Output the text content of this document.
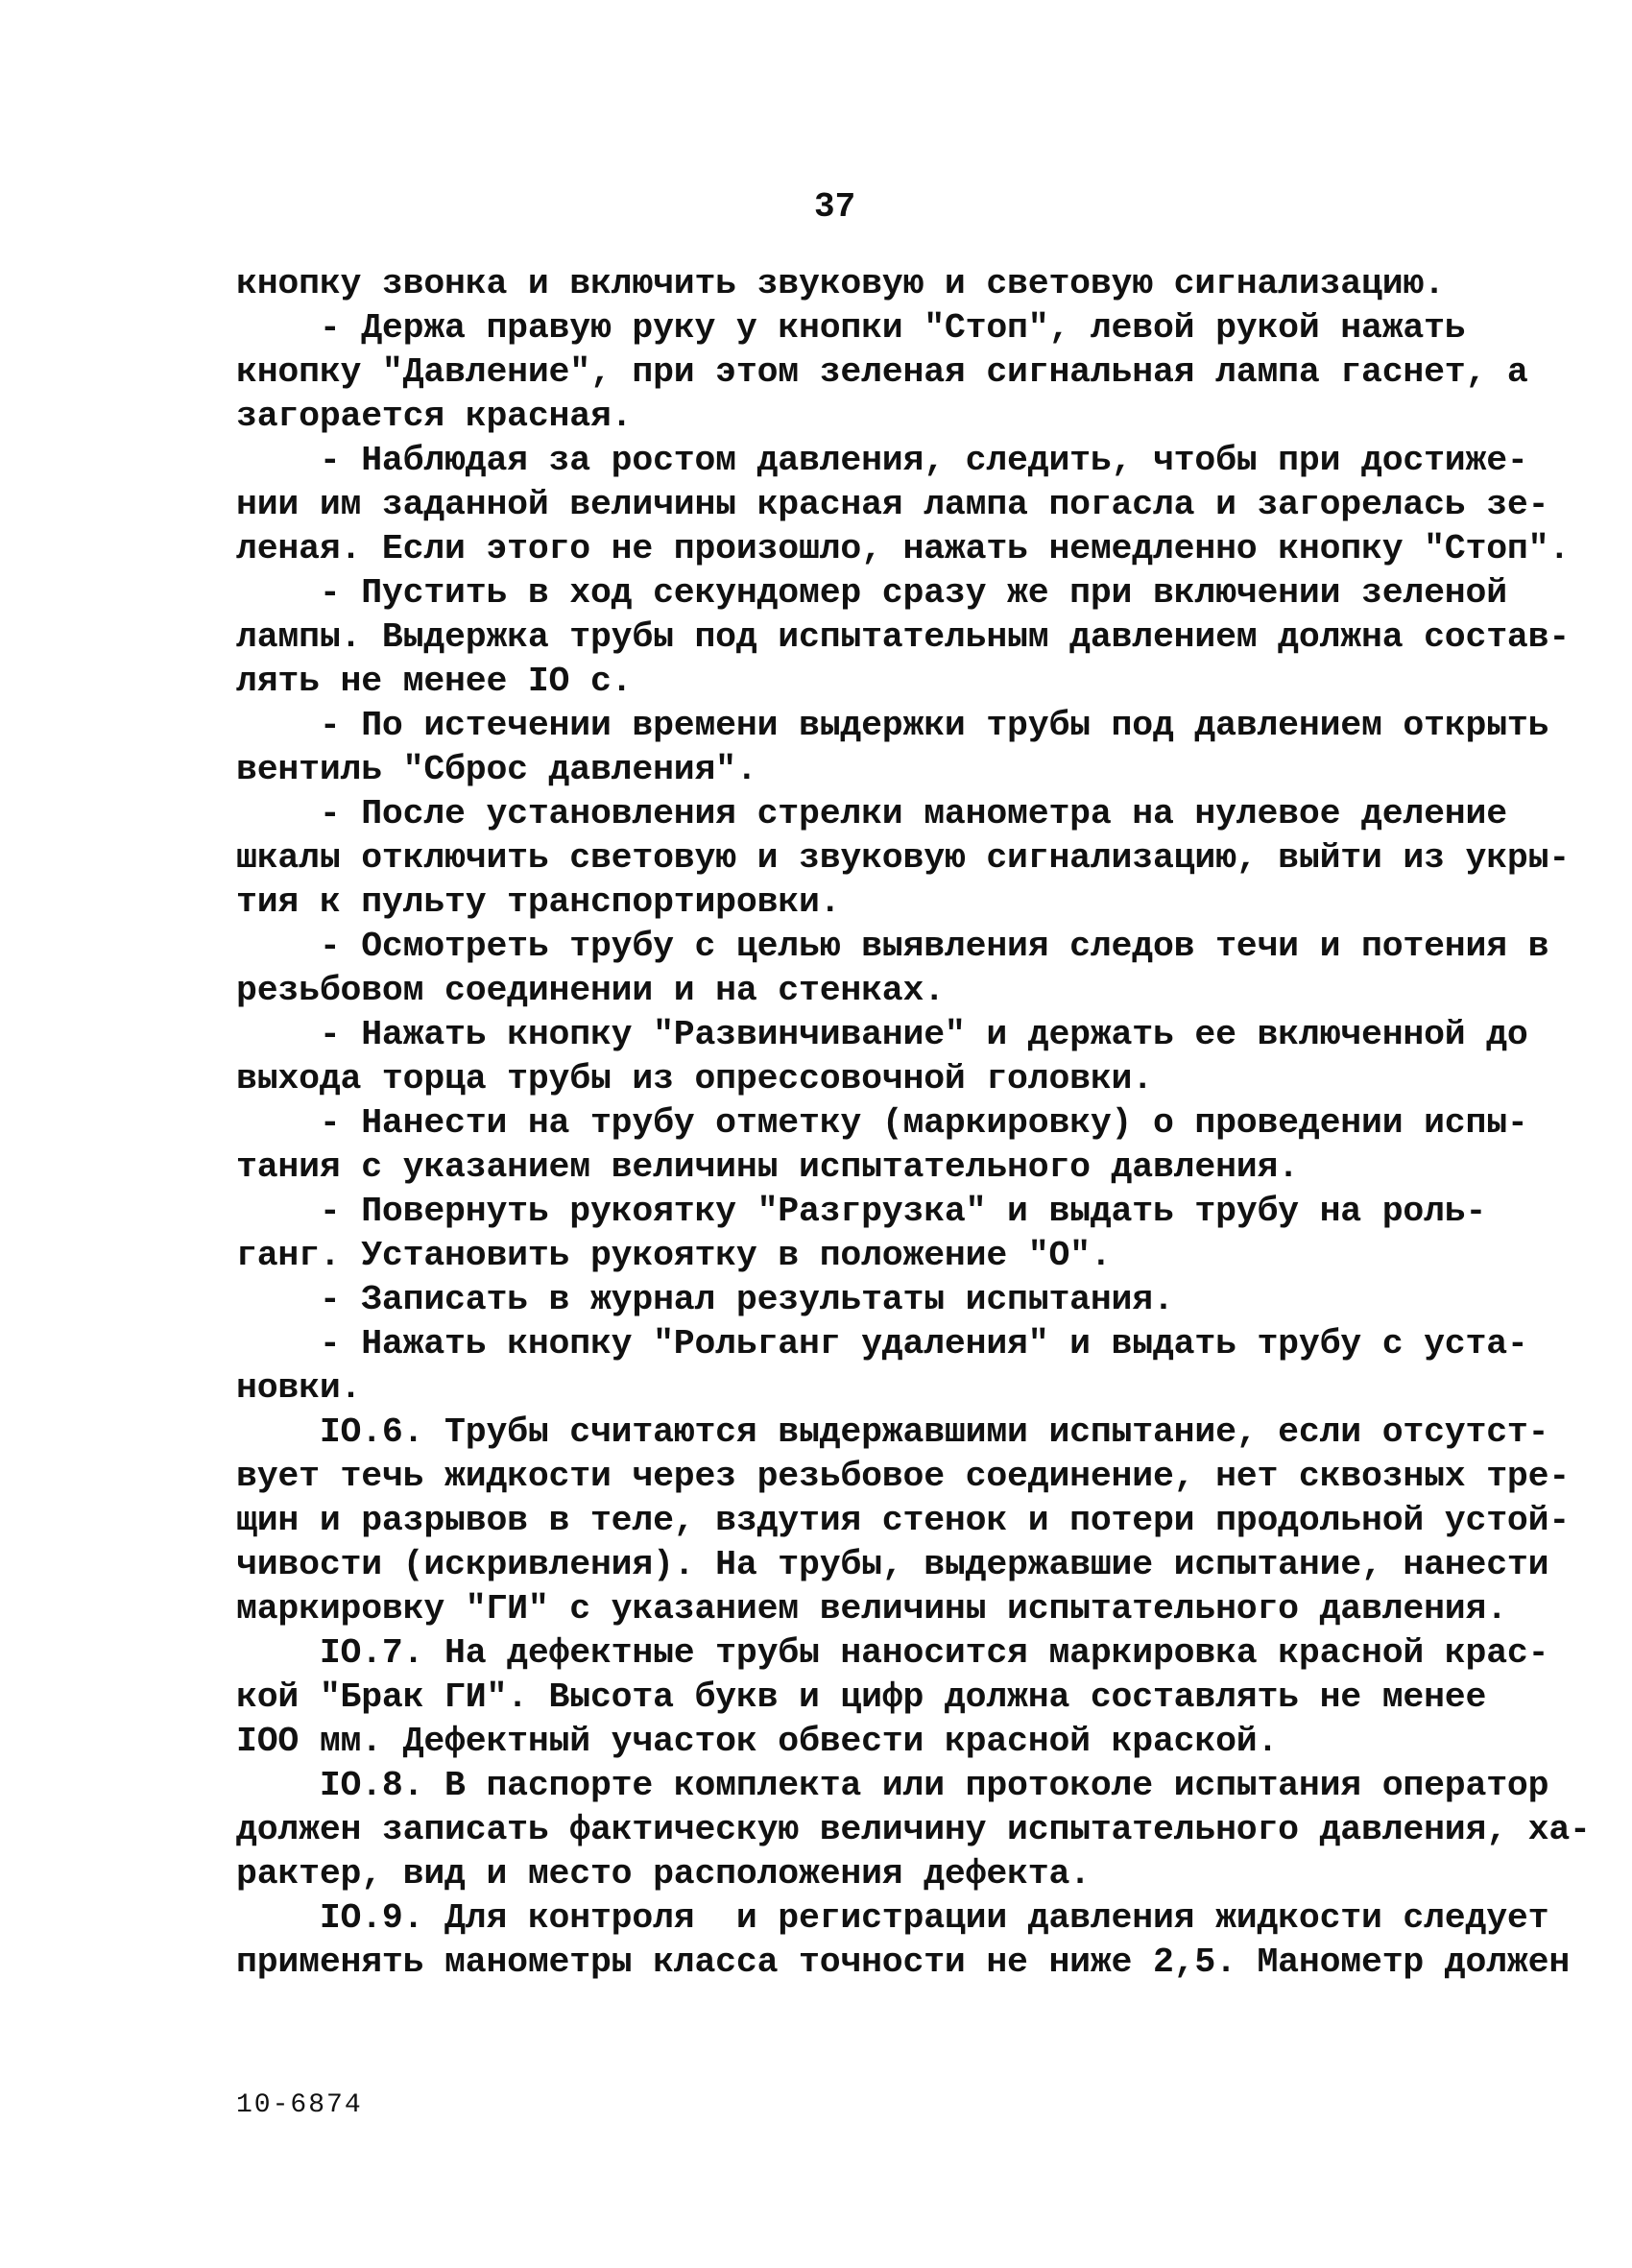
37
кнопку звонка и включить звуковую и световую сигнализацию.
- Держа правую руку у кнопки "Стоп", левой рукой нажать
кнопку "Давление", при этом зеленая сигнальная лампа гаснет, а
загорается красная.
- Наблюдая за ростом давления, следить, чтобы при достиже-
нии им заданной величины красная лампа погасла и загорелась зе-
леная. Если этого не произошло, нажать немедленно кнопку "Стоп".
- Пустить в ход секундомер сразу же при включении зеленой
лампы. Выдержка трубы под испытательным давлением должна состав-
лять не менее IO с.
- По истечении времени выдержки трубы под давлением открыть
вентиль "Сброс давления".
- После установления стрелки манометра на нулевое деление
шкалы отключить световую и звуковую сигнализацию, выйти из укры-
тия к пульту транспортировки.
- Осмотреть трубу с целью выявления следов течи и потения в
резьбовом соединении и на стенках.
- Нажать кнопку "Развинчивание" и держать ее включенной до
выхода торца трубы из опрессовочной головки.
- Нанести на трубу отметку (маркировку) о проведении испы-
тания с указанием величины испытательного давления.
- Повернуть рукоятку "Разгрузка" и выдать трубу на роль-
ганг. Установить рукоятку в положение "О".
- Записать в журнал результаты испытания.
- Нажать кнопку "Рольганг удаления" и выдать трубу с уста-
новки.
IO.6. Трубы считаются выдержавшими испытание, если отсутст-
вует течь жидкости через резьбовое соединение, нет сквозных тре-
щин и разрывов в теле, вздутия стенок и потери продольной устой-
чивости (искривления). На трубы, выдержавшие испытание, нанести
маркировку "ГИ" с указанием величины испытательного давления.
IO.7. На дефектные трубы наносится маркировка красной крас-
кой "Брак ГИ". Высота букв и цифр должна составлять не менее
IOO мм. Дефектный участок обвести красной краской.
IO.8. В паспорте комплекта или протоколе испытания оператор
должен записать фактическую величину испытательного давления, ха-
рактер, вид и место расположения дефекта.
IO.9. Для контроля  и регистрации давления жидкости следует
применять манометры класса точности не ниже 2,5. Манометр должен
10-6874
